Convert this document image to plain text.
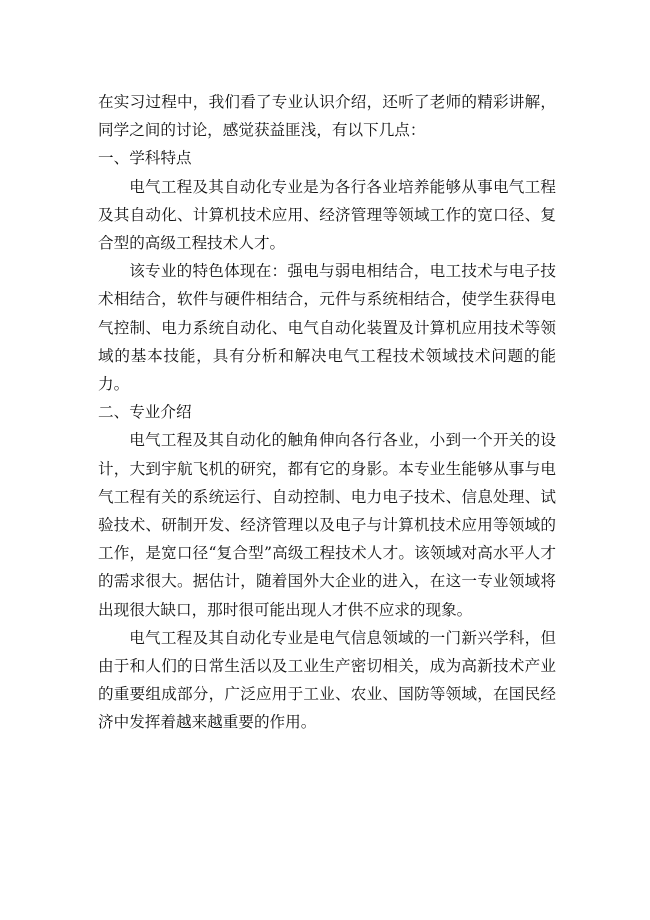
在实习过程中，我们看了专业认识介绍，还听了老师的精彩讲解，同学之间的讨论，感觉获益匪浅，有以下几点：

一、学科特点

电气工程及其自动化专业是为各行各业培养能够从事电气工程及其自动化、计算机技术应用、经济管理等领域工作的宽口径、复合型的高级工程技术人才。

该专业的特色体现在：强电与弱电相结合，电工技术与电子技术相结合，软件与硬件相结合，元件与系统相结合，使学生获得电气控制、电力系统自动化、电气自动化装置及计算机应用技术等领域的基本技能，具有分析和解决电气工程技术领域技术问题的能力。

二、专业介绍

电气工程及其自动化的触角伸向各行各业，小到一个开关的设计，大到宇航飞机的研究，都有它的身影。本专业生能够从事与电气工程有关的系统运行、自动控制、电力电子技术、信息处理、试验技术、研制开发、经济管理以及电子与计算机技术应用等领域的工作，是宽口径“复合型”高级工程技术人才。该领域对高水平人才的需求很大。据估计，随着国外大企业的进入，在这一专业领域将出现很大缺口，那时很可能出现人才供不应求的现象。

电气工程及其自动化专业是电气信息领域的一门新兴学科，但由于和人们的日常生活以及工业生产密切相关，成为高新技术产业的重要组成部分，广泛应用于工业、农业、国防等领域，在国民经济中发挥着越来越重要的作用。
